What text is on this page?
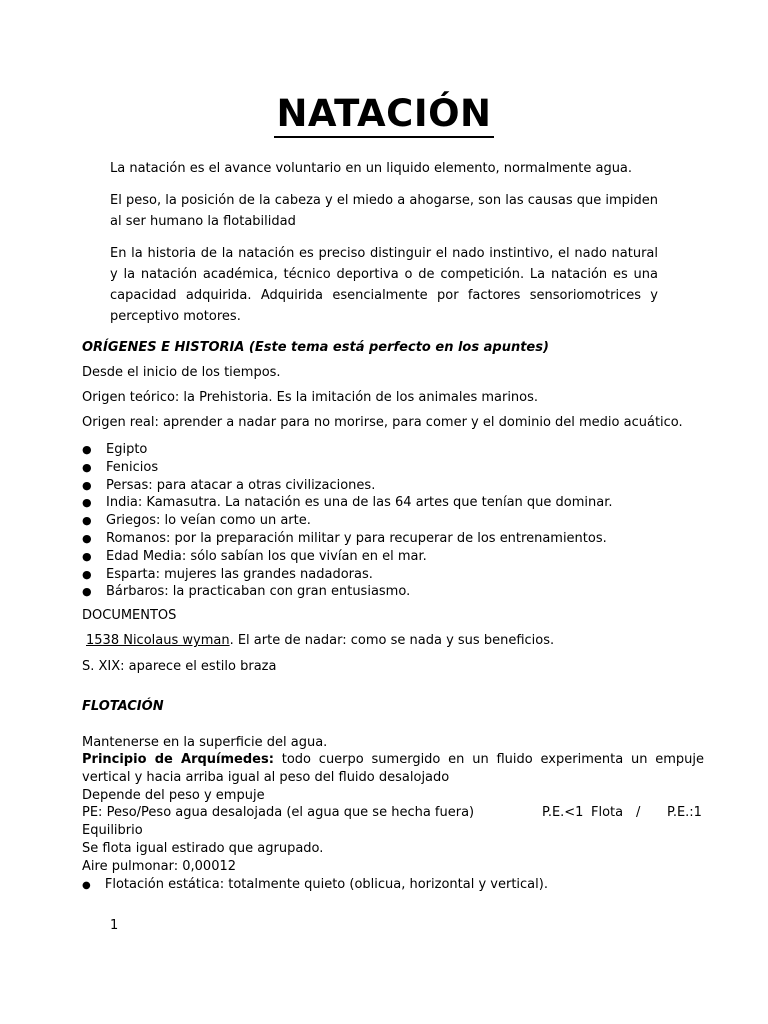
NATACIÓN
La natación es el avance voluntario en un liquido elemento, normalmente agua.
El peso, la posición de la cabeza y el miedo a ahogarse, son las causas que impiden al ser humano la flotabilidad
En la historia de la natación es preciso distinguir el nado instintivo, el nado natural y la natación académica, técnico deportiva o de competición. La natación es una capacidad adquirida. Adquirida esencialmente por factores sensoriomotrices y perceptivo motores.
ORÍGENES E HISTORIA (Este tema está perfecto en los apuntes)
Desde el inicio de los tiempos.
Origen teórico: la Prehistoria. Es la imitación de los animales marinos.
Origen real: aprender a nadar para no morirse, para comer y el dominio del medio acuático.
● Egipto
● Fenicios
● Persas: para atacar a otras civilizaciones.
● India: Kamasutra. La natación es una de las 64 artes que tenían que dominar.
● Griegos: lo veían como un arte.
● Romanos: por la preparación militar y para recuperar de los entrenamientos.
● Edad Media: sólo sabían los que vivían en el mar.
● Esparta: mujeres las grandes nadadoras.
● Bárbaros: la practicaban con gran entusiasmo.
DOCUMENTOS
1538 Nicolaus wyman. El arte de nadar: como se nada y sus beneficios.
S. XIX: aparece el estilo braza
FLOTACIÓN
Mantenerse en la superficie del agua.
Principio de Arquímedes: todo cuerpo sumergido en un fluido experimenta un empuje vertical y hacia arriba igual al peso del fluido desalojado
Depende del peso y empuje
PE: Peso/Peso agua desalojada (el agua que se hecha fuera)	P.E.<1 Flota / P.E.:1
Equilibrio
Se flota igual estirado que agrupado.
Aire pulmonar: 0,00012
● Flotación estática: totalmente quieto (oblicua, horizontal y vertical).
1
